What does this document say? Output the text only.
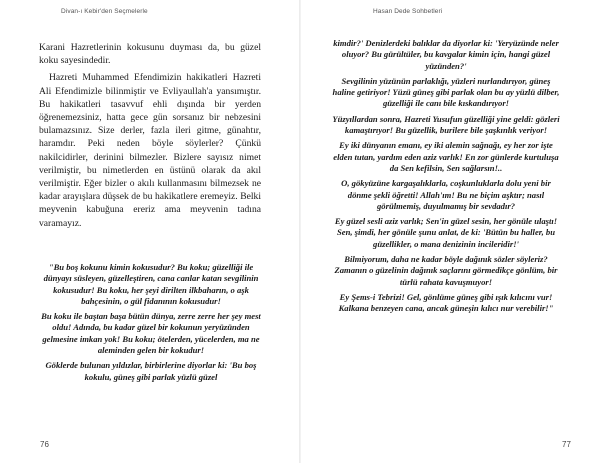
Divan-ı Kebir'den Seçmelerle

Karani Hazretlerinin kokusunu duyması da, bu güzel koku sayesindedir.

Hazreti Muhammed Efendimizin hakikatleri Hazreti Ali Efendimizle bilinmiştir ve Evliyaullah'a yansımıştır. Bu hakikatleri tasavvuf ehli dışında bir yerden öğrenemezsiniz, hatta gece gün sorsanız bir nebzesini bulamazsınız. Size derler, fazla ileri gitme, günahtır, haramdır. Peki neden böyle söylerler? Çünkü nakilcidirler, derinini bilmezler. Bizlere sayısız nimet verilmiştir, bu nimetlerden en üstünü olarak da akıl verilmiştir. Eğer bizler o akılı kullanmasını bilmezsek ne kadar arayışlara düşsek de bu hakikatlere eremeyiz. Belki meyvenin kabuğuna ereriz ama meyvenin tadına varamayız.

"Bu boş kokunu kimin kokusudur? Bu koku; güzelliği ile dünyayı süsleyen, güzelleştiren, cana canlar katan sevgilinin kokusudur! Bu koku, her şeyi dirilten ilkbaharın, o aşk bahçesinin, o gül fidanının kokusudur!

Bu koku ile baştan başa bütün dünya, zerre zerre her şey mest oldu! Adında, bu kadar güzel bir kokunun yeryüzünden gelmesine imkan yok! Bu koku; ötelerden, yücelerden, ma ne aleminden gelen bir kokudur!

Göklerde bulunan yıldızlar, birbirlerine diyorlar ki: 'Bu boş kokulu, güneş gibi parlak yüzlü güzel

76
Hasan Dede Sohbetleri

kimdir?' Denizlerdeki balıklar da diyorlar ki: 'Yeryüzünde neler oluyor? Bu gürültüler, bu kavgalar kimin için, hangi güzel yüzünden?'

Sevgilinin yüzünün parlaklığı, yüzleri nurlandırıyor, güneş haline getiriyor! Yüzü güneş gibi parlak olan bu ay yüzlü dilber, güzelliği ile canı bile kıskandırıyor!

Yüzyıllardan sonra, Hazreti Yusufun güzelliği yine geldi: gözleri kamaştırıyor! Bu güzellik, burilere bile şaşkınlık veriyor!

Ey iki dünyanın emanı, ey iki alemin sağnağı, ey her zor işte elden tutan, yardım eden aziz varlık! En zor günlerde kurtuluşa da Sen kefilsin, Sen sağlarsın!..

O, gökyüzüne kargaşalıklarla, coşkunluklarla dolu yeni bir dönme şekli öğretti! Allah'ım! Bu ne biçim aşktır; nasıl görülmemiş, duyulmamış bir sevdadır?

Ey güzel sesli aziz varlık; Sen'in güzel sesin, her gönüle ulaştı! Sen, şimdi, her gönüle şunu anlat, de ki: 'Bütün bu haller, bu güzellikler, o mana denizinin incileridir!'

Bilmiyorum, daha ne kadar böyle dağınık sözler söyleriz? Zamanın o güzelinin dağınık saçlarını görmedikçe gönlüm, bir türlü rahata kavuşmuyor!

Ey Şems-i Tebrizi! Gel, gönlüme güneş gibi ışık kılıcını vur! Kalkana benzeyen cana, ancak güneşin kılıcı nur verebilir!"

77
